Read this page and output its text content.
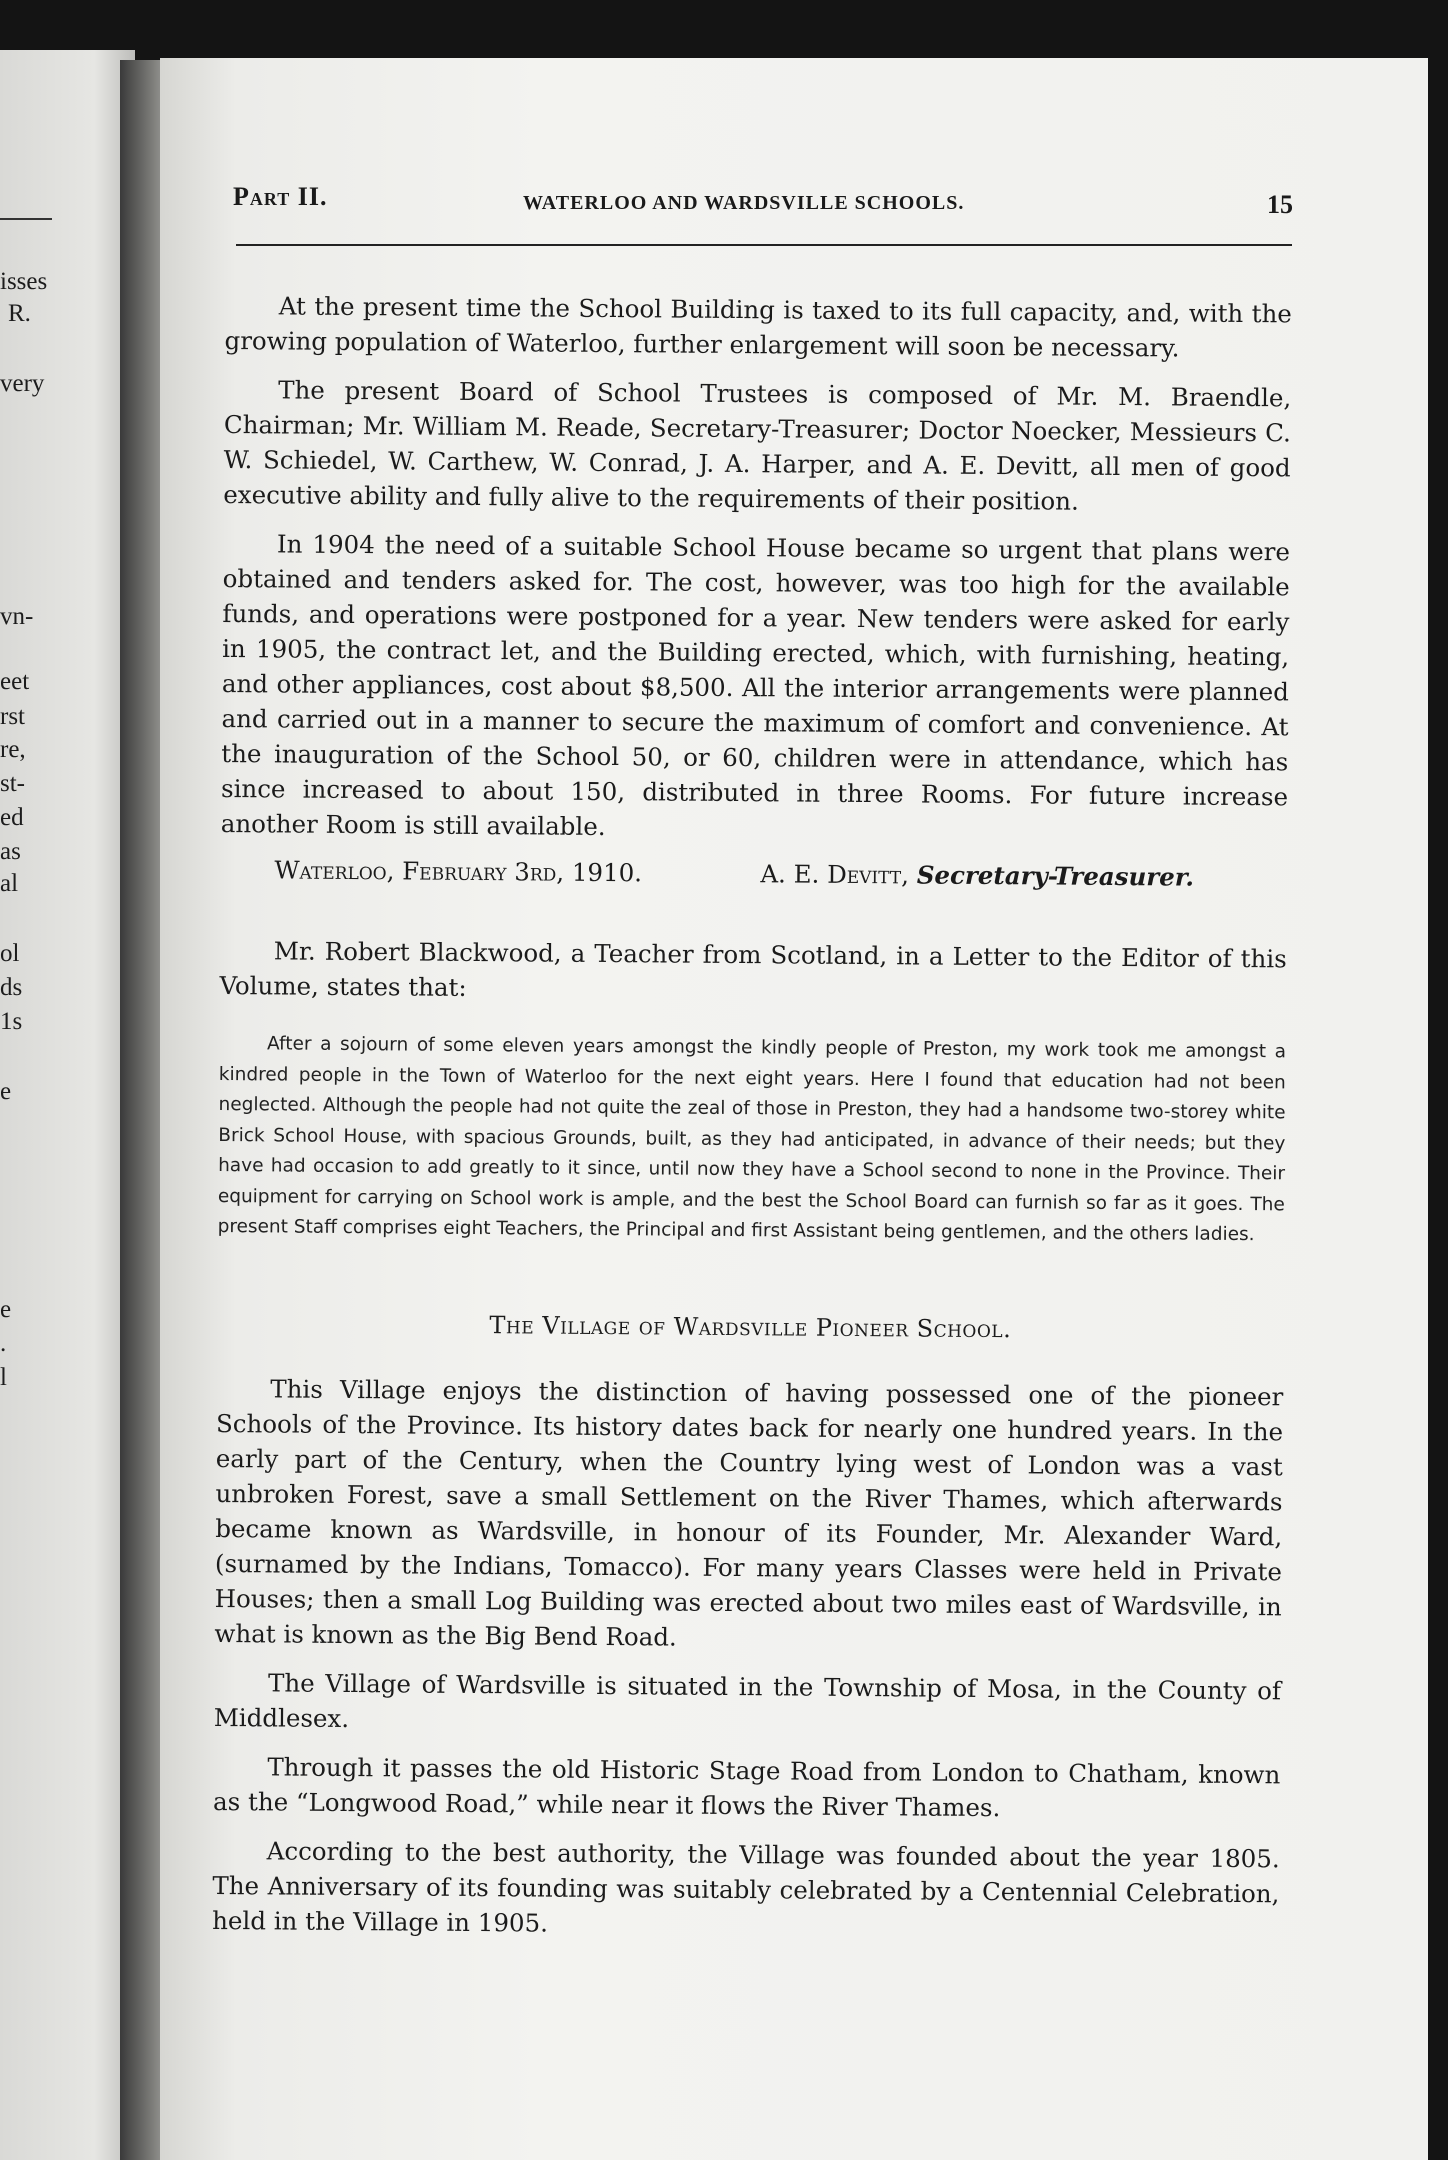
isses
R.
very
vn-
eet
rst
re,
st-
ed
as
al
ol
ds
1s
e
e
.
l
Part II.	WATERLOO AND WARDSVILLE SCHOOLS.	15

At the present time the School Building is taxed to its full capacity, and, with the growing population of Waterloo, further enlargement will soon be necessary.

The present Board of School Trustees is composed of Mr. M. Braendle, Chairman; Mr. William M. Reade, Secretary-Treasurer; Doctor Noecker, Messieurs C. W. Schiedel, W. Carthew, W. Conrad, J. A. Harper, and A. E. Devitt, all men of good executive ability and fully alive to the requirements of their position.

In 1904 the need of a suitable School House became so urgent that plans were obtained and tenders asked for. The cost, however, was too high for the available funds, and operations were postponed for a year. New tenders were asked for early in 1905, the contract let, and the Building erected, which, with furnishing, heating, and other appliances, cost about $8,500. All the interior arrangements were planned and carried out in a manner to secure the maximum of comfort and convenience. At the inauguration of the School 50, or 60, children were in attendance, which has since increased to about 150, distributed in three Rooms. For future increase another Room is still available.

Waterloo, February 3rd, 1910.	A. E. Devitt, Secretary-Treasurer.

Mr. Robert Blackwood, a Teacher from Scotland, in a Letter to the Editor of this Volume, states that:

After a sojourn of some eleven years amongst the kindly people of Preston, my work took me amongst a kindred people in the Town of Waterloo for the next eight years. Here I found that education had not been neglected. Although the people had not quite the zeal of those in Preston, they had a handsome two-storey white Brick School House, with spacious Grounds, built, as they had anticipated, in advance of their needs; but they have had occasion to add greatly to it since, until now they have a School second to none in the Province. Their equipment for carrying on School work is ample, and the best the School Board can furnish so far as it goes. The present Staff comprises eight Teachers, the Principal and first Assistant being gentlemen, and the others ladies.

The Village of Wardsville Pioneer School.

This Village enjoys the distinction of having possessed one of the pioneer Schools of the Province. Its history dates back for nearly one hundred years. In the early part of the Century, when the Country lying west of London was a vast unbroken Forest, save a small Settlement on the River Thames, which afterwards became known as Wardsville, in honour of its Founder, Mr. Alexander Ward, (surnamed by the Indians, Tomacco). For many years Classes were held in Private Houses; then a small Log Building was erected about two miles east of Wardsville, in what is known as the Big Bend Road.

The Village of Wardsville is situated in the Township of Mosa, in the County of Middlesex.

Through it passes the old Historic Stage Road from London to Chatham, known as the “Longwood Road,” while near it flows the River Thames.

According to the best authority, the Village was founded about the year 1805. The Anniversary of its founding was suitably celebrated by a Centennial Celebration, held in the Village in 1905.
